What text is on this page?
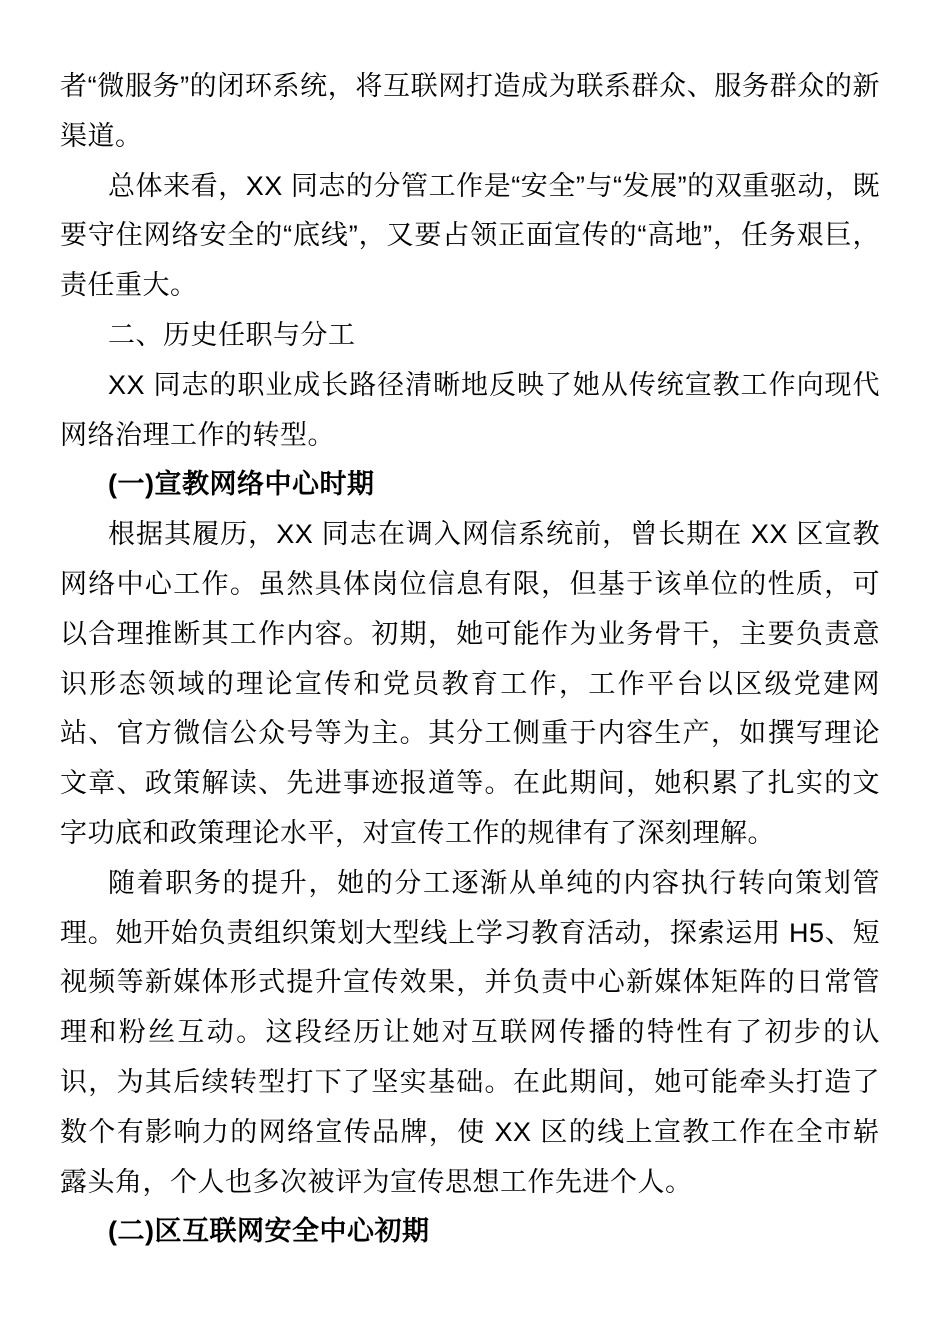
者“微服务”的闭环系统，将互联网打造成为联系群众、服务群众的新渠道。

总体来看，XX 同志的分管工作是“安全”与“发展”的双重驱动，既要守住网络安全的“底线”，又要占领正面宣传的“高地”，任务艰巨，责任重大。

二、历史任职与分工

XX 同志的职业成长路径清晰地反映了她从传统宣教工作向现代网络治理工作的转型。

(一)宣教网络中心时期

根据其履历，XX 同志在调入网信系统前，曾长期在 XX 区宣教网络中心工作。虽然具体岗位信息有限，但基于该单位的性质，可以合理推断其工作内容。初期，她可能作为业务骨干，主要负责意识形态领域的理论宣传和党员教育工作，工作平台以区级党建网站、官方微信公众号等为主。其分工侧重于内容生产，如撰写理论文章、政策解读、先进事迹报道等。在此期间，她积累了扎实的文字功底和政策理论水平，对宣传工作的规律有了深刻理解。

随着职务的提升，她的分工逐渐从单纯的内容执行转向策划管理。她开始负责组织策划大型线上学习教育活动，探索运用 H5、短视频等新媒体形式提升宣传效果，并负责中心新媒体矩阵的日常管理和粉丝互动。这段经历让她对互联网传播的特性有了初步的认识，为其后续转型打下了坚实基础。在此期间，她可能牵头打造了数个有影响力的网络宣传品牌，使 XX 区的线上宣教工作在全市崭露头角，个人也多次被评为宣传思想工作先进个人。

(二)区互联网安全中心初期
